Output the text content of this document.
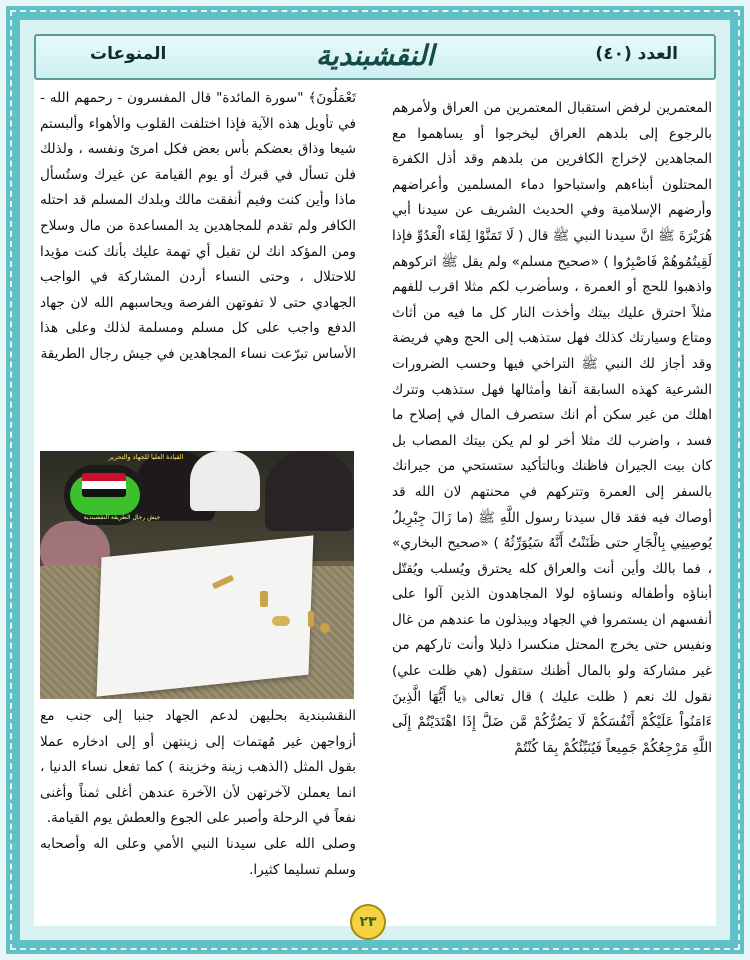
المنوعات	النقشبندية	العدد (٤٠)

المعتمرين لرفض استقبال المعتمرين من العراق ولأمرهم بالرجوع إلى بلدهم العراق ليخرجوا أو يساهموا مع المجاهدين لإخراج الكافرين من بلدهم وقد أذل الكفرة المحتلون أبناءهم واستباحوا دماء المسلمين وأعراضهم وأرضهم الإسلامية وفي الحديث الشريف عن سيدنا أبي هُرَيْرَةَ ﷺ انَّ سيدنا النبي ﷺ قال ( لَا تَمَنَّوْا لِقَاء الْعَدُوِّ فإذا لَقِيتُمُوهُمْ فَاصْبِرُوا ) «صحيح مسلم» ولم يقل ﷺ اتركوهم واذهبوا للحج أو العمرة ، وسأضرب لكم مثلا اقرب للفهم مثلاً احترق عليك بيتك وأخذت النار كل ما فيه من أثاث ومتاع وسيارتك كذلك فهل ستذهب إلى الحج وهي فريضة وقد أجاز لك النبي ﷺ التراخي فيها وحسب الضرورات الشرعية كهذه السابقة آنفا وأمثالها فهل ستذهب وتترك اهلك من غير سكن أم انك ستصرف المال في إصلاح ما فسد ، واضرب لك مثلا أخر لو لم يكن بيتك المصاب بل كان بيت الجيران فاظنك وبالتأكيد ستستحي من جيرانك بالسفر إلى العمرة وتتركهم في محنتهم لان الله قد أوصاك فيه فقد قال سيدنا رسول اللَّهِ ﷺ (ما زَالَ جِبْرِيلُ يُوصِينِي بِالْجَارِ حتى ظَنَنْتُ أَنَّهُ سَيُوَرِّثُهُ ) «صحيح البخاري» ، فما بالك وأين أنت والعراق كله يحترق ويُسلب ويُقتّل أبناؤه وأطفاله ونساؤه لولا المجاهدون الذين آلوا على أنفسهم ان يستمروا في الجهاد ويبذلون ما عندهم من غال ونفيس حتى يخرج المحتل منكسرا ذليلا وأنت تاركهم من غير مشاركة ولو بالمال أظنك ستقول (هي ظلت علي) نقول لك نعم ( ظلت عليك ) قال تعالى ﴿يا أَيُّهَا الَّذِينَ ءَامَنُواْ عَلَيْكُمْ أَنْفُسَكُمْ لَا يَضُرُّكُمْ مَّن ضَلَّ إِذَا اهْتَدَيْتُمْ إِلَى اللَّهِ مَرْجِعُكُمْ جَمِيعاً فَيُنَبِّئُكُمْ بِمَا كُنْتُمْ

تَعْمَلُونَ﴾ "سورة المائدة" قال المفسرون - رحمهم الله - في تأويل هذه الآية فإذا اختلفت القلوب والأهواء وألبستم شيعا وذاق بعضكم بأس بعض فكل امرئ ونفسه ، ولذلك فلن تسأل في قبرك أو يوم القيامة عن غيرك وستُسأل ماذا وأين كنت وفيم أنفقت مالك وبلدك المسلم قد احتله الكافر ولم تقدم للمجاهدين يد المساعدة من مال وسلاح ومن المؤكد انك لن تقبل أي تهمة عليك بأنك كنت مؤيدا للاحتلال ، وحتى النساء أردن المشاركة في الواجب الجهادي حتى لا تفوتهن الفرصة ويحاسبهم الله لان جهاد الدفع واجب على كل مسلم ومسلمة لذلك وعلى هذا الأساس تبرّعت نساء المجاهدين في جيش رجال الطريقة

جيش رجال الطريقة النقشبندية
القيادة العليا للجهاد والتحرير

النقشبندية بحليهن لدعم الجهاد جنبا إلى جنب مع أزواجهن غير مُهتمات إلى زينتهن أو إلى ادخاره عملا بقول المثل (الذهب زينة وخزينة ) كما تفعل نساء الدنيا ، انما يعملن لآخرتهن لأن الآخرة عندهن أغلى ثمناً وأغنى نفعاً في الرحلة وأصبر على الجوع والعطش يوم القيامة.

وصلى الله على سيدنا النبي الأمي وعلى اله وأصحابه وسلم تسليما كثيرا.

٢٣
